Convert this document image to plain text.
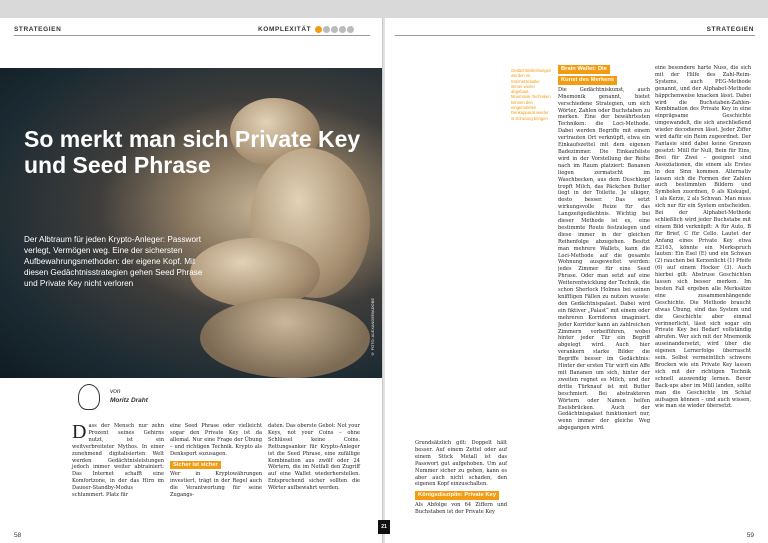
STRATEGIEN	KOMPLEXITÄT
So merkt man sich Private Key und Seed Phrase
Der Albtraum für jeden Krypto-Anleger: Passwort verlegt, Vermögen weg. Eine der sichersten Aufbewahrungsmethoden: der eigene Kopf. Mit diesen Gedächtnisstrategien gehen Seed Phrase und Private Key nicht verloren
© FOTO: ALEXANDER/ADOBE
von
Moritz Draht
Dass der Mensch nur zehn Prozent seines Gehirns nutzt, ist ein weitverbreiteter Mythos. In einer zunehmend digitalisierten Welt werden Gedächtnisleistungen jedoch immer weiter abtrainiert: Das Internet schafft eine Komfortzone, in der das Hirn im Daueer-Standby-Modus schlummert. Platz für
eine Seed Phrase oder vielleicht sogar den Private Key ist da allemal. Nur eine Frage der Übung – und richtigen Technik. Krypto als Denksport sozusagen.
Sicher ist sicher
Wer in Kryptowährungen investiert, trägt in der Regel auch die Verantwortung für seine Zugangs-
daten. Das oberste Gebot: Not your Keys, not your Coins – ohne Schlüssel keine Coins. Rettungsanker für Krypto-Anleger ist die Seed Phrase, eine zufällige Kombination aus zwölf oder 24 Wörtern, die im Notfall den Zugriff auf eine Wallet wiederherstellen. Entsprechend sicher sollten die Wörter aufbewahrt werden.
58
21
STRATEGIEN
Gedächtnisleistungen werden im Internetzeitalter immer weiter abgebaut. Mnemonik-Techniken können den eingerosteten Denkapparat wieder in Schwung bringen
Brain Wallet: Die
Kunst des Merkens
Die Gedächtniskunst, auch Mnemonik genannt, bietet verschiedene Strategien, um sich Wörter, Zahlen oder Buchstaben zu merken. Eine der bewährtesten Techniken: die Loci-Methode. Dabei werden Begriffe mit einem vertrauten Ort verknüpft, etwa ein Einkaufszettel mit dem eigenen Badezimmer. Die Einkaufsliste wird in der Vorstellung der Reihe nach im Raum platziert: Bananen liegen zermatscht im Waschbecken, aus dem Duschkopf tropft Milch, das Päckchen Butter liegt in der Toilette. Je ulkiger, desto besser. Das setzt wirkungsvolle Reize für das Langzeitgedächtnis. Wichtig bei dieser Methode ist es, eine bestimmte Route festzulegen und diese immer in der gleichen Reihenfolge abzugehen. Besitzt man mehrere Wallets, kann die Loci-Methode auf die gesamte Wohnung ausgeweitet werden: jedes Zimmer für eine Seed Phrase. Oder man setzt auf eine Weiterentwicklung der Technik, die schon Sherlock Holmes bei seinen kniffligen Fällen zu nutzen wusste: den Gedächtnispalast. Dabei wird ein fiktiver „Palast“ mit einem oder mehreren Korridoren imaginiert. Jeder Korridor kann an zahlreichen Zimmern vorbeiführen, wobei hinter jeder Tür ein Begriff abgelegt wird. Auch hier verankern starke Bilder die Begriffe besser im Gedächtnis: Hinter der ersten Tür wirft ein Affe mit Bananen um sich, hinter der zweiten regnet es Milch, und der dritte Türknauf ist mit Butter beschmiert. Bei abstrakteren Wörtern oder Namen helfen Eselsbrücken. Auch der Gedächtnispalast funktioniert nur, wenn immer der gleiche Weg abgegangen wird.
Grundsätzlich gilt: Doppelt hält besser. Auf einem Zettel oder auf einem Stück Metall ist das Passwort gut aufgehoben. Um auf Nummer sicher zu gehen, kann es aber auch nicht schaden, den eigenen Kopf einzuschalten.
Königsdisziplin: Private Key
Als Abfolge von 64 Ziffern und Buchstaben ist der Private Key
eine besondere harte Nuss, die sich mit der Hilfe des Zahl-Reim-Systems, auch PEG-Methode genannt, und der Alphabet-Methode häppchenweise knacken lässt. Dabei wird die Buchstaben-Zahlen-Kombination des Private Key in eine einprägsame Geschichte umgewandelt, die sich anschließend wieder decodieren lässt. Jeder Ziffer wird dafür ein Reim zugeordnet. Der Fantasie sind dabei keine Grenzen gesetzt: Müll für Null, Bein für Eins, Brei für Zwei – geeignet sind Assoziationen, die einem als Erstes in den Sinn kommen. Alternativ lassen sich die Formen der Zahlen auch bestimmten Bildern und Symbolen zuordnen, 0 als Kiskugel, 1 als Kerze, 2 als Schwan. Man muss sich nur für ein System entscheiden. Bei der Alphabet-Methode schließlich wird jeder Buchstabe mit einem Bild verknüpft: A für Auto, B für Brief, C für Cello. Lautet der Anfang eines Private Key etwa E2163, könnte ein Merkspruch lauten: Ein Esel (E) und ein Schwan (2) rauchen bei Kerzenlicht (1) Pfeife (6) auf einem Hocker (3). Auch hierbei gilt: Abstruse Geschichten lassen sich besser merken. Im besten Fall ergeben alle Merksätze eine zusammenhängende Geschichte. Die Methode braucht etwas Übung, sind das System und die Geschichte aber einmal verinnerlicht, lässt sich sogar ein Private Key bei Bedarf vollständig abrufen. Wer sich mit der Mnemonik auseinandersetzt, wird über die eigenen Lernerfolge überrascht sein. Selbst vermeintlich schwere Brocken wie ein Private Key lassen sich mit der richtigen Technik schnell auswendig lernen. Bevor Back-ups aber im Müll landen, sollte man die Geschichte im Schlaf aufsagen können – und auch wissen, wie man sie wieder übersetzt.
59
